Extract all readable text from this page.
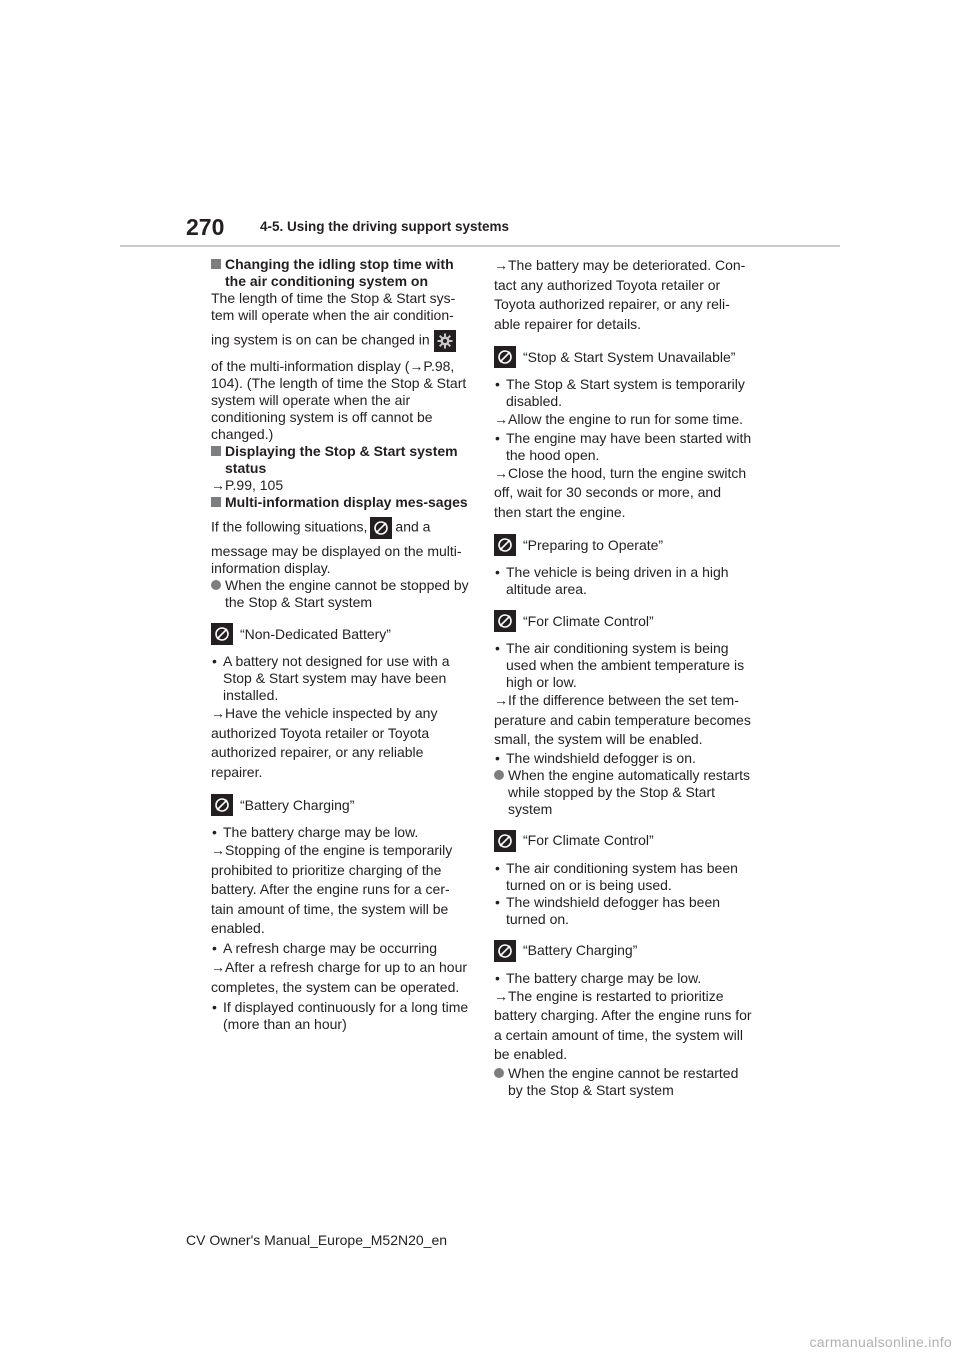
270	4-5. Using the driving support systems

Changing the idling stop time with the air conditioning system on

The length of time the Stop & Start sys-tem will operate when the air condition-

ing system is on can be changed in

of the multi-information display (→P.98, 104). (The length of time the Stop & Start system will operate when the air conditioning system is off cannot be changed.)

Displaying the Stop & Start system status

→P.99, 105

Multi-information display mes-sages

If the following situations, and a

message may be displayed on the multi-information display.

When the engine cannot be stopped by the Stop & Start system

“Non-Dedicated Battery”

• A battery not designed for use with a Stop & Start system may have been installed.

→Have the vehicle inspected by any authorized Toyota retailer or Toyota authorized repairer, or any reliable repairer.

“Battery Charging”

• The battery charge may be low.

→Stopping of the engine is temporarily prohibited to prioritize charging of the battery. After the engine runs for a cer-tain amount of time, the system will be enabled.

• A refresh charge may be occurring

→After a refresh charge for up to an hour completes, the system can be operated.

• If displayed continuously for a long time (more than an hour)

→The battery may be deteriorated. Con-tact any authorized Toyota retailer or Toyota authorized repairer, or any reli-able repairer for details.

“Stop & Start System Unavailable”

• The Stop & Start system is temporarily disabled.

→Allow the engine to run for some time.

• The engine may have been started with the hood open.

→Close the hood, turn the engine switch off, wait for 30 seconds or more, and then start the engine.

“Preparing to Operate”

• The vehicle is being driven in a high altitude area.

“For Climate Control”

• The air conditioning system is being used when the ambient temperature is high or low.

→If the difference between the set tem-perature and cabin temperature becomes small, the system will be enabled.

• The windshield defogger is on.

When the engine automatically restarts while stopped by the Stop & Start system

“For Climate Control”

• The air conditioning system has been turned on or is being used.

• The windshield defogger has been turned on.

“Battery Charging”

• The battery charge may be low.

→The engine is restarted to prioritize battery charging. After the engine runs for a certain amount of time, the system will be enabled.

When the engine cannot be restarted by the Stop & Start system

CV Owner's Manual_Europe_M52N20_en
carmanualsonline.info
